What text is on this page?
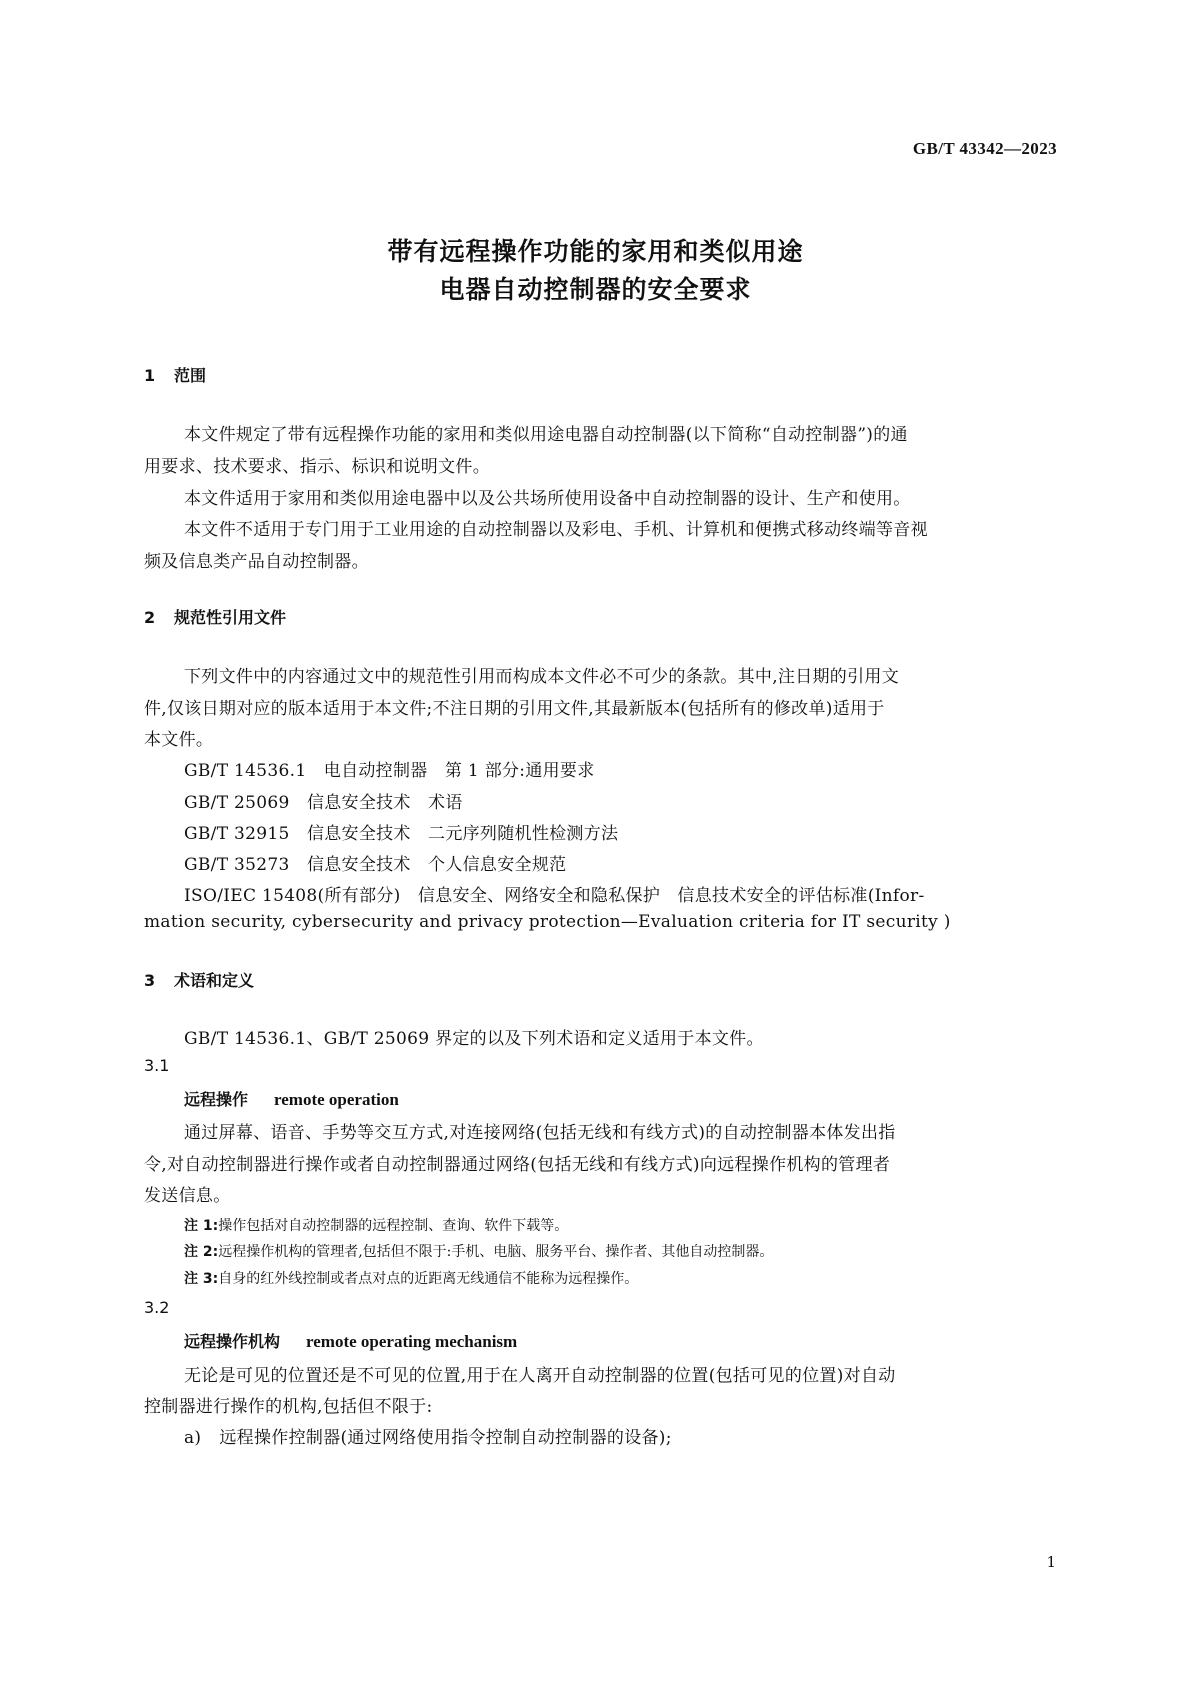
GB/T 43342—2023
带有远程操作功能的家用和类似用途
电器自动控制器的安全要求
1 范围
本文件规定了带有远程操作功能的家用和类似用途电器自动控制器(以下简称“自动控制器”)的通
用要求、技术要求、指示、标识和说明文件。
本文件适用于家用和类似用途电器中以及公共场所使用设备中自动控制器的设计、生产和使用。
本文件不适用于专门用于工业用途的自动控制器以及彩电、手机、计算机和便携式移动终端等音视
频及信息类产品自动控制器。
2 规范性引用文件
下列文件中的内容通过文中的规范性引用而构成本文件必不可少的条款。其中,注日期的引用文
件,仅该日期对应的版本适用于本文件;不注日期的引用文件,其最新版本(包括所有的修改单)适用于
本文件。
GB/T 14536.1　 电自动控制器　第 1 部分:通用要求
GB/T 25069　 信息安全技术　术语
GB/T 32915　 信息安全技术　二元序列随机性检测方法
GB/T 35273　 信息安全技术　个人信息安全规范
ISO/IEC 15408(所有部分)　 信息安全、网络安全和隐私保护　信息技术安全的评估标准(Infor-
mation security, cybersecurity and privacy protection—Evaluation criteria for IT security )
3 术语和定义
GB/T 14536.1、GB/T 25069 界定的以及下列术语和定义适用于本文件。
3.1
远程操作 remote operation
通过屏幕、语音、手势等交互方式,对连接网络(包括无线和有线方式)的自动控制器本体发出指
令,对自动控制器进行操作或者自动控制器通过网络(包括无线和有线方式)向远程操作机构的管理者
发送信息。
注 1:操作包括对自动控制器的远程控制、查询、软件下载等。
注 2:远程操作机构的管理者,包括但不限于:手机、电脑、服务平台、操作者、其他自动控制器。
注 3:自身的红外线控制或者点对点的近距离无线通信不能称为远程操作。
3.2
远程操作机构 remote operating mechanism
无论是可见的位置还是不可见的位置,用于在人离开自动控制器的位置(包括可见的位置)对自动
控制器进行操作的机构,包括但不限于:
a) 远程操作控制器(通过网络使用指令控制自动控制器的设备);
1
